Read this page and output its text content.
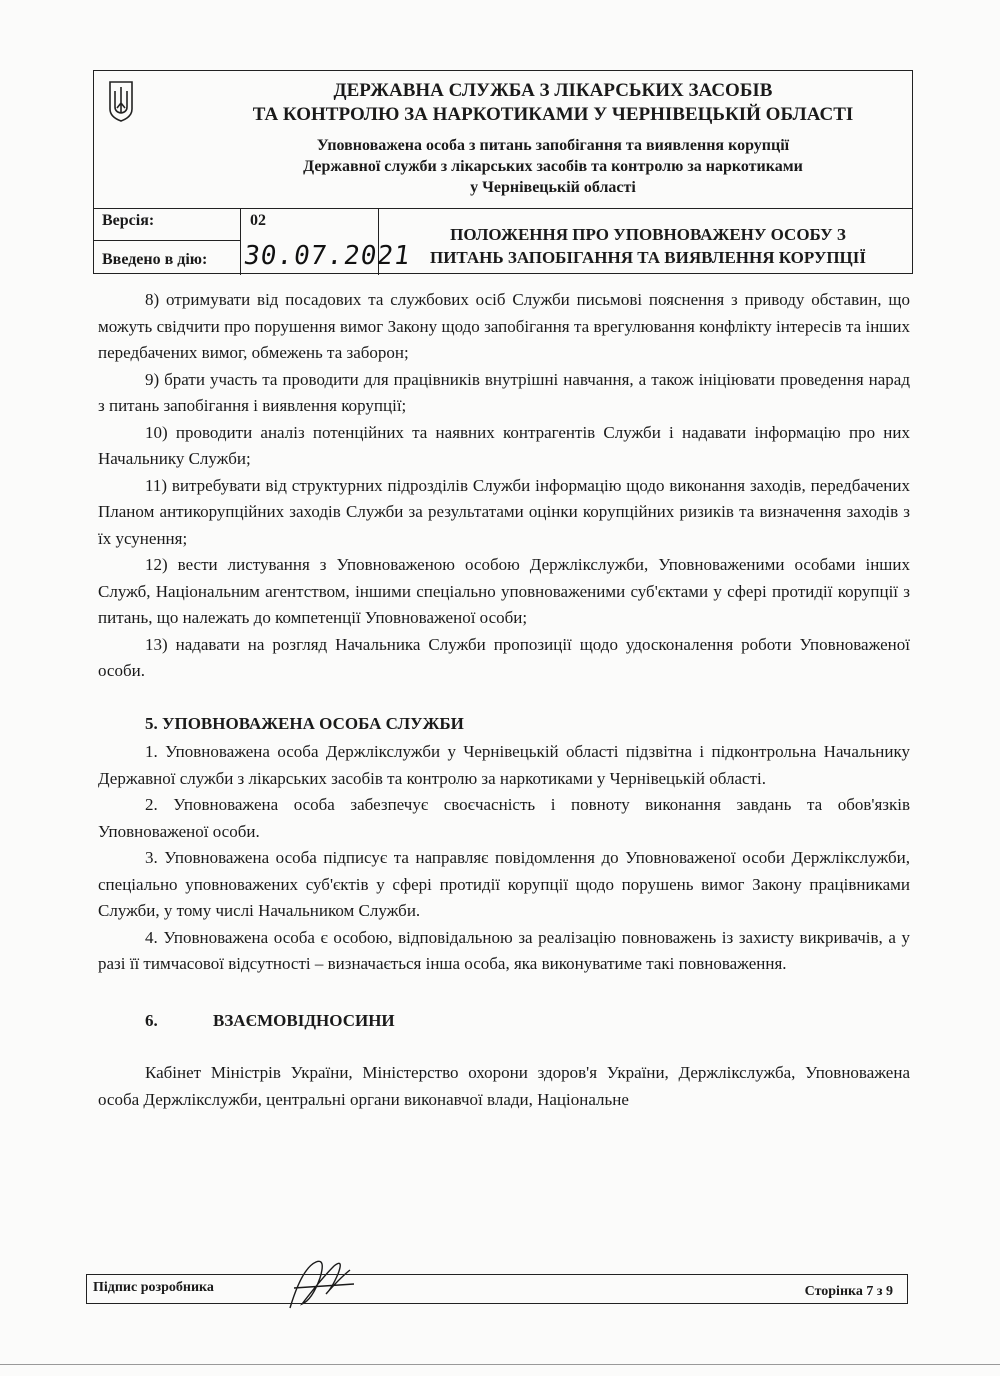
ДЕРЖАВНА СЛУЖБА З ЛІКАРСЬКИХ ЗАСОБІВ
ТА КОНТРОЛЮ ЗА НАРКОТИКАМИ У ЧЕРНІВЕЦЬКІЙ ОБЛАСТІ
Уповноважена особа з питань запобігання та виявлення корупції
Державної служби з лікарських засобів та контролю за наркотиками
у Чернівецькій області
Версія:	02
Введено в дію: 30.07.2021
ПОЛОЖЕННЯ ПРО УПОВНОВАЖЕНУ ОСОБУ З
ПИТАНЬ ЗАПОБІГАННЯ ТА ВИЯВЛЕННЯ КОРУПЦІЇ

8) отримувати від посадових та службових осіб Служби письмові пояснення з приводу обставин, що можуть свідчити про порушення вимог Закону щодо запобігання та врегулювання конфлікту інтересів та інших передбачених вимог, обмежень та заборон;

9) брати участь та проводити для працівників внутрішні навчання, а також ініціювати проведення нарад з питань запобігання і виявлення корупції;

10) проводити аналіз потенційних та наявних контрагентів Служби і надавати інформацію про них Начальнику Служби;

11) витребувати від структурних підрозділів Служби інформацію щодо виконання заходів, передбачених Планом антикорупційних заходів Служби за результатами оцінки корупційних ризиків та визначення заходів з їх усунення;

12) вести листування з Уповноваженою особою Держлікслужби, Уповноваженими особами інших Служб, Національним агентством, іншими спеціально уповноваженими суб'єктами у сфері протидії корупції з питань, що належать до компетенції Уповноваженої особи;

13) надавати на розгляд Начальника Служби пропозиції щодо удосконалення роботи Уповноваженої особи.

5. УПОВНОВАЖЕНА ОСОБА СЛУЖБИ

1. Уповноважена особа Держлікслужби у Чернівецькій області підзвітна і підконтрольна Начальнику Державної служби з лікарських засобів та контролю за наркотиками у Чернівецькій області.

2. Уповноважена особа забезпечує своєчасність і повноту виконання завдань та обов'язків Уповноваженої особи.

3. Уповноважена особа підписує та направляє повідомлення до Уповноваженої особи Держлікслужби, спеціально уповноважених суб'єктів у сфері протидії корупції щодо порушень вимог Закону працівниками Служби, у тому числі Начальником Служби.

4. Уповноважена особа є особою, відповідальною за реалізацію повноважень із захисту викривачів, а у разі її тимчасової відсутності – визначається інша особа, яка виконуватиме такі повноваження.

6.	ВЗАЄМОВІДНОСИНИ

Кабінет Міністрів України, Міністерство охорони здоров'я України, Держлікслужба, Уповноважена особа Держлікслужби, центральні органи виконавчої влади, Національне

Підпис розробника	Сторінка 7 з 9
